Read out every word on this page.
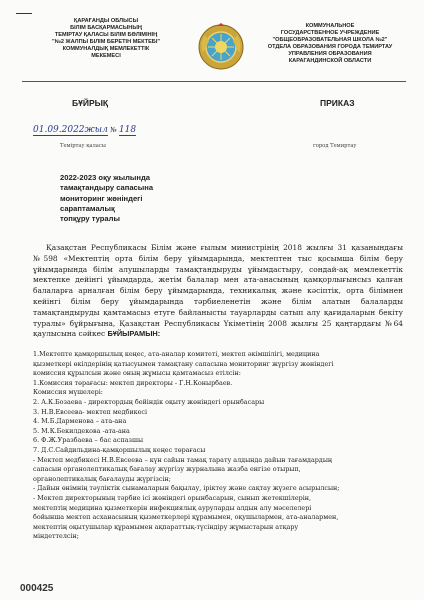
ҚАРАҒАНДЫ ОБЛЫСЫ
БІЛІМ БАСҚАРМАСЫНЫҢ
ТЕМІРТАУ ҚАЛАСЫ БІЛІМ БӨЛІМІНІҢ
"№2 ЖАЛПЫ БІЛІМ БЕРЕТІН МЕКТЕБІ"
КОММУНАЛДЫҚ МЕМЛЕКЕТТІК
МЕКЕМЕСІ
КОММУНАЛЬНОЕ
ГОСУДАРСТВЕННОЕ УЧРЕЖДЕНИЕ
"ОБЩЕОБРАЗОВАТЕЛЬНАЯ ШКОЛА №2"
ОТДЕЛА ОБРАЗОВАНИЯ ГОРОДА ТЕМИРТАУ
УПРАВЛЕНИЯ ОБРАЗОВАНИЯ
КАРАГАНДИНСКОЙ ОБЛАСТИ
БҰЙРЫҚ	ПРИКАЗ
01.09.2022жыл № 118
Теміртау қаласы	город Темиртау
2022-2023 оқу жылында
тамақтандыру сапасына
мониторинг жөніндегі
сараптамалық
топқұру туралы
Қазақстан Республикасы Білім және ғылым министрінің 2018 жылғы 31 қазанындағы №598 «Мектептің орта білім беру ұйымдарында, мектептен тыс қосымша білім беру ұйымдарында білім алушыларды тамақтандыруды ұйымдастыру, сондай-ақ мемлекеттік мектепке дейінгі ұйымдарда, жетім балалар мен ата-анасының қамқорлығынсыз қалған балаларға арналған білім беру ұйымдарында, техникалық және кәсіптік, орта білімнен кейінгі білім беру ұйымдарында тәрбиеленетін және білім алатын балаларды тамақтандыруды қамтамасыз етуге байланысты тауарларды сатып алу қағидаларын бекіту туралы» бұйрығына, Қазақстан Республикасы Үкіметінің 2008 жылғы 25 қаңтардағы №64 қаулысына сәйкес БҰЙЫРАМЫН:
1.Мектепте қамқоршылық кеңес, ата-аналар комитеті, мектеп әкімшілігі, медицина
қызметкері өкілдерінің қатысуымен тамақтану сапасына мониторинг жүргізу жөніндегі
комиссия құрылсын және оның жұмысы қамтамасыз етілсін:
1.Комиссия төрағасы: мектеп директоры - Г.Н.Конырбаев.
Комиссия мүшелері:
2. А.К.Бозаева - директордың бейіндік оқыту жөніндегі орынбасары
3. Н.В.Евсеева- мектеп медбикесі
4. М.Б.Дарменова – ата-ана
5. М.К.Бекилдекова -ата-ана
6. Ф.Ж.Уразбаева – бас аспазшы
7. Д.С.Сайдильдина-қамқоршылық кеңес төрағасы
- Мектеп медбикесі Н.В.Евсеева – күн сайын тамақ тарату алдында дайын тағамдардың
сапасын органолептикалық бағалау жүргізу журналына жазба енгізе отырып,
органолептикалық бағалауды жүргізсін;
- Дайын өнімнің тәуліктік сынамаларын бақылау, іріктеу және сақтау жүзеге асырылсын;
- Мектеп директорының тәрбие ісі жөніндегі орынбасарын, сынып жетекшілерін,
мектептің медицина қызметкерін инфекциялық ауруларды алдын алу мәселелері
бойынша мектеп асханасының қызметкерлері құрамымен, оқушылармен, ата-аналармен,
мектептің оқытушылар құрамымен ақпараттық-түсіндіру жұмыстарын атқару
міндеттелсін;
000425
